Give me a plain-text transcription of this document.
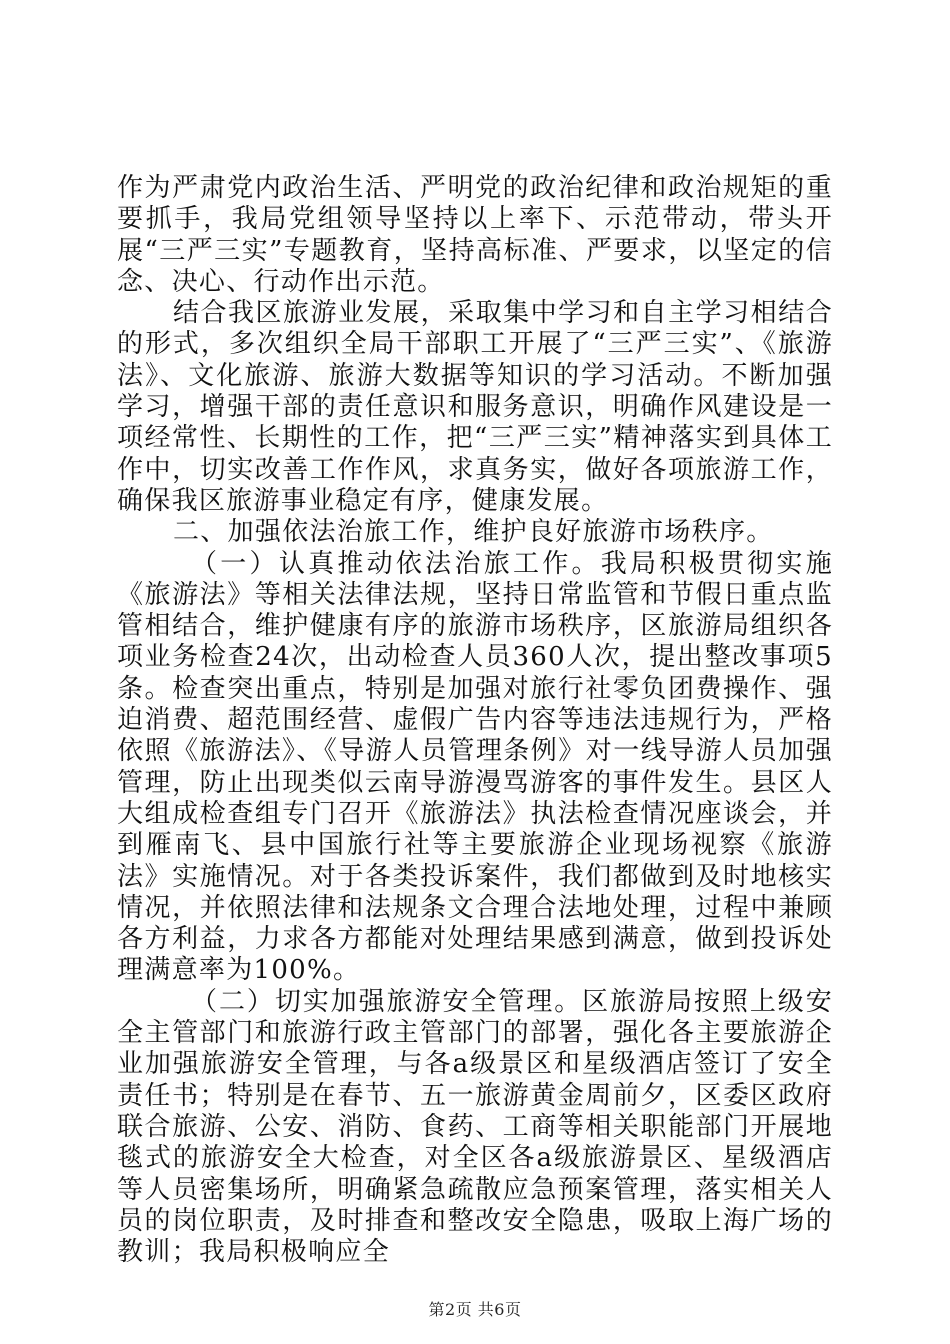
作为严肃党内政治生活、严明党的政治纪律和政治规矩的重要抓手，我局党组领导坚持以上率下、示范带动，带头开展“三严三实”专题教育，坚持高标准、严要求，以坚定的信念、决心、行动作出示范。

结合我区旅游业发展，采取集中学习和自主学习相结合的形式，多次组织全局干部职工开展了“三严三实”、《旅游法》、文化旅游、旅游大数据等知识的学习活动。不断加强学习，增强干部的责任意识和服务意识，明确作风建设是一项经常性、长期性的工作，把“三严三实”精神落实到具体工作中，切实改善工作作风，求真务实，做好各项旅游工作，确保我区旅游事业稳定有序，健康发展。

二、加强依法治旅工作，维护良好旅游市场秩序。

（一）认真推动依法治旅工作。我局积极贯彻实施《旅游法》等相关法律法规，坚持日常监管和节假日重点监管相结合，维护健康有序的旅游市场秩序，区旅游局组织各项业务检查24次，出动检查人员360人次，提出整改事项5条。检查突出重点，特别是加强对旅行社零负团费操作、强迫消费、超范围经营、虚假广告内容等违法违规行为，严格依照《旅游法》、《导游人员管理条例》对一线导游人员加强管理，防止出现类似云南导游漫骂游客的事件发生。县区人大组成检查组专门召开《旅游法》执法检查情况座谈会，并到雁南飞、县中国旅行社等主要旅游企业现场视察《旅游法》实施情况。对于各类投诉案件，我们都做到及时地核实情况，并依照法律和法规条文合理合法地处理，过程中兼顾各方利益，力求各方都能对处理结果感到满意，做到投诉处理满意率为100%。

（二）切实加强旅游安全管理。区旅游局按照上级安全主管部门和旅游行政主管部门的部署，强化各主要旅游企业加强旅游安全管理，与各a级景区和星级酒店签订了安全责任书；特别是在春节、五一旅游黄金周前夕，区委区政府联合旅游、公安、消防、食药、工商等相关职能部门开展地毯式的旅游安全大检查，对全区各a级旅游景区、星级酒店等人员密集场所，明确紧急疏散应急预案管理，落实相关人员的岗位职责，及时排查和整改安全隐患，吸取上海广场的教训；我局积极响应全

第2页 共6页
